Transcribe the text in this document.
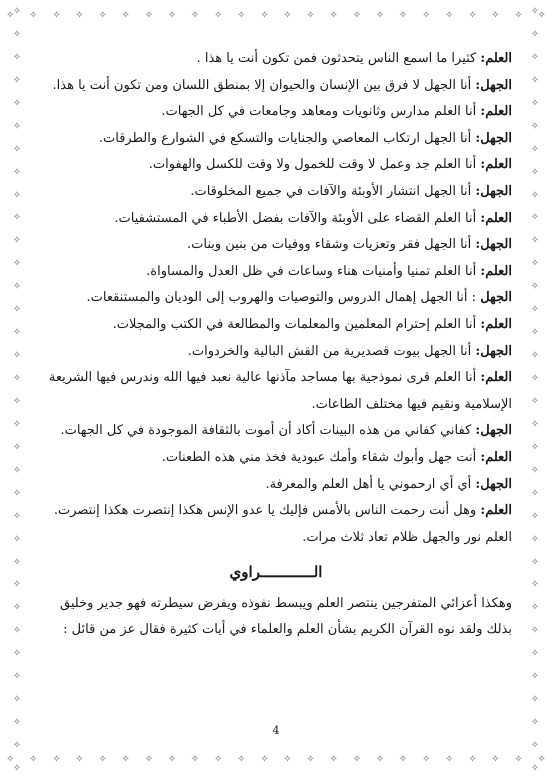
✧ ✧ ✧ ✧ ✧ ✧ ✧ ✧ ✧ ✧ ✧ ✧ ✧ ✧ ✧ ✧ ✧ ✧ ✧ ✧ ✧ ✧ ✧ ✧
✧ ✧ ✧ ✧ ✧ ✧ ✧ ✧ ✧ ✧ ✧ ✧ ✧ ✧ ✧ ✧ ✧ ✧ ✧ ✧ ✧ ✧ ✧ ✧
✧
✧
✧
✧
✧
✧
✧
✧
✧
✧
✧
✧
✧
✧
✧
✧
✧
✧
✧
✧
✧
✧
✧
✧
✧
✧
✧
✧
✧
✧
✧
✧
✧
✧
✧
✧
✧
✧
✧
✧
✧
✧
✧
✧
✧
✧
✧
✧
✧
✧
✧
✧
✧
✧
✧
✧
✧
✧
✧
✧
✧
✧
✧
✧
✧
✧
✧
✧

العلم: كثيرا ما اسمع الناس يتحدثون فمن تكون أنت يا هذا .

الجهل: أنا الجهل لا فرق بين الإنسان والحيوان إلا بمنطق اللسان ومن تكون أنت يا هذا.

العلم: أنا العلم مدارس وثانويات ومعاهد وجامعات في كل الجهات.

الجهل: أنا الجهل ارتكاب المعاصي والجنايات والتسكع في الشوارع والطرقات.

العلم: أنا العلم جد وعمل لا وقت للخمول ولا وقت للكسل والهفوات.

الجهل: أنا الجهل انتشار الأوبئة والآفات في جميع المخلوقات.

العلم: أنا العلم القضاء على الأوبئة والآفات بفضل الأطباء في المستشفيات.

الجهل: أنا الجهل فقر وتعزيات وشقاء ووفيات من بنين وبنات.

العلم: أنا العلم تمنيا وأمنيات هناء وساعات في ظل العدل والمساواة.

الجهل : أنا الجهل إهمال الدروس والتوصيات والهروب إلى الوديان والمستنقعات.

العلم: أنا العلم إحترام المعلمين والمعلمات والمطالعة في الكتب والمجلات.

الجهل: أنا الجهل بيوت قصديرية من القش البالية والخردوات.

العلم: أنا العلم قرى نموذجية بها مساجد مآذنها عالية نعبد فيها الله وندرس فيها الشريعة الإسلامية ونقيم فيها مختلف الطاعات.

الجهل: كفاني كفاني من هذه البينات أكاد أن أموت بالثقافة الموجودة في كل الجهات.

العلم: أنت جهل وأبوك شقاء وأمك عبودية فخذ مني هذه الطعنات.

الجهل: أي أي ارحموني يا أهل العلم والمعرفة.

العلم: وهل أنت رحمت الناس بالأمس فإليك يا عدو الإنس هكذا إنتصرت هكذا إنتصرت.

العلم نور والجهل ظلام تعاد ثلاث مرات.

الــــــــــــراوي

وهكذا أعزائي المتفرجين ينتصر العلم ويبسط نفوذه ويفرض سيطرته فهو جدير وخليق

بذلك ولقد نوه القرآن الكريم بشأن العلم والعلماء في أيات كثيرة فقال عز من قائل :

4
